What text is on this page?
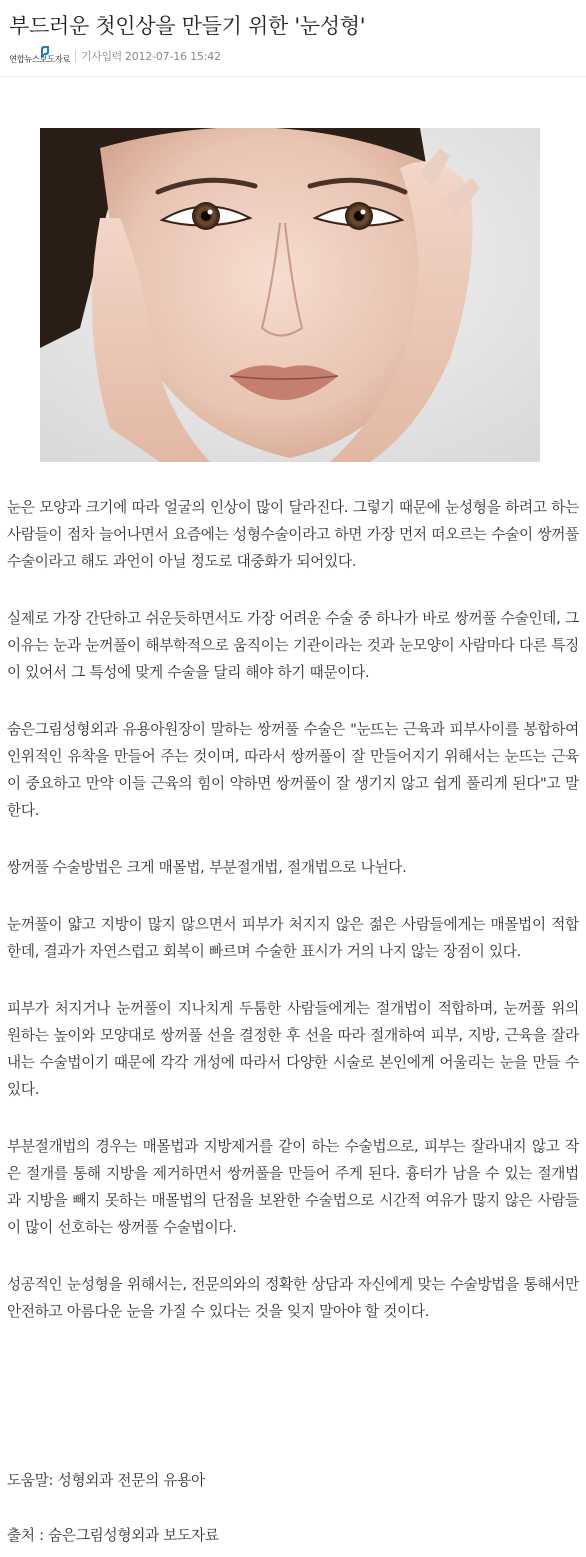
부드러운 첫인상을 만들기 위한 '눈성형'
연합뉴스보도자료 기사입력 2012-07-16 15:42

눈은 모양과 크기에 따라 얼굴의 인상이 많이 달라진다. 그렇기 때문에 눈성형을 하려고 하는 사람들이 점차 늘어나면서 요즘에는 성형수술이라고 하면 가장 먼저 떠오르는 수술이 쌍꺼풀 수술이라고 해도 과언이 아닐 정도로 대중화가 되어있다.

실제로 가장 간단하고 쉬운듯하면서도 가장 어려운 수술 중 하나가 바로 쌍꺼풀 수술인데, 그 이유는 눈과 눈꺼풀이 해부학적으로 움직이는 기관이라는 것과 눈모양이 사람마다 다른 특징이 있어서 그 특성에 맞게 수술을 달리 해야 하기 때문이다.

숨은그림성형외과 유용아원장이 말하는 쌍꺼풀 수술은 "눈뜨는 근육과 피부사이를 봉합하여 인위적인 유착을 만들어 주는 것이며, 따라서 쌍꺼풀이 잘 만들어지기 위해서는 눈뜨는 근육이 중요하고 만약 이들 근육의 힘이 약하면 쌍꺼풀이 잘 생기지 않고 쉽게 풀리게 된다"고 말한다.

쌍꺼풀 수술방법은 크게 매몰법, 부분절개법, 절개법으로 나뉜다.

눈꺼풀이 얇고 지방이 많지 않으면서 피부가 처지지 않은 젊은 사람들에게는 매몰법이 적합한데, 결과가 자연스럽고 회복이 빠르며 수술한 표시가 거의 나지 않는 장점이 있다.

피부가 처지거나 눈꺼풀이 지나치게 두툼한 사람들에게는 절개법이 적합하며, 눈꺼풀 위의 원하는 높이와 모양대로 쌍꺼풀 선을 결정한 후 선을 따라 절개하여 피부, 지방, 근육을 잘라내는 수술법이기 때문에 각각 개성에 따라서 다양한 시술로 본인에게 어울리는 눈을 만들 수 있다.

부분절개법의 경우는 매몰법과 지방제거를 같이 하는 수술법으로, 피부는 잘라내지 않고 작은 절개를 통해 지방을 제거하면서 쌍꺼풀을 만들어 주게 된다. 흉터가 남을 수 있는 절개법과 지방을 빼지 못하는 매몰법의 단점을 보완한 수술법으로 시간적 여유가 많지 않은 사람들이 많이 선호하는 쌍꺼풀 수술법이다.

성공적인 눈성형을 위해서는, 전문의와의 정확한 상담과 자신에게 맞는 수술방법을 통해서만 안전하고 아름다운 눈을 가질 수 있다는 것을 잊지 말아야 할 것이다.

도움말: 성형외과 전문의 유용아

출처 : 숨은그림성형외과 보도자료
